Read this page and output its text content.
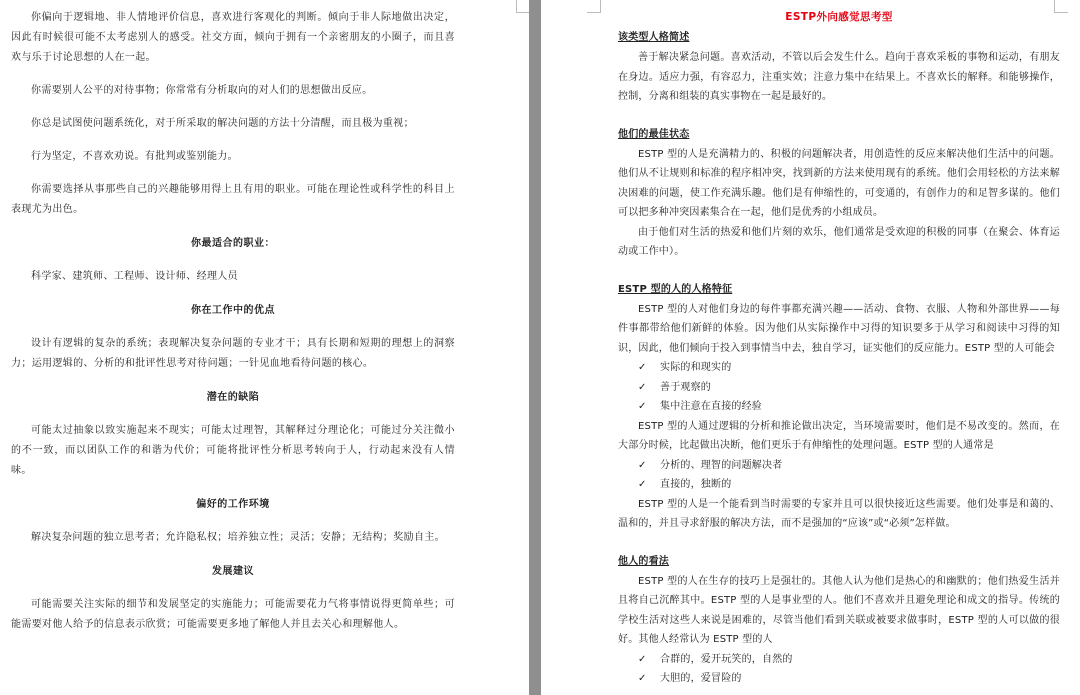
你偏向于逻辑地、非人情地评价信息，喜欢进行客观化的判断。倾向于非人际地做出决定，因此有时候很可能不太考虑别人的感受。社交方面，倾向于拥有一个亲密朋友的小圈子，而且喜欢与乐于讨论思想的人在一起。

你需要别人公平的对待事物；你常常有分析取向的对人们的思想做出反应。

你总是试图使问题系统化，对于所采取的解决问题的方法十分清醒，而且极为重视；

行为坚定，不喜欢劝说。有批判或鉴别能力。

你需要选择从事那些自己的兴趣能够用得上且有用的职业。可能在理论性或科学性的科目上表现尤为出色。

你最适合的职业：

科学家、建筑师、工程师、设计师、经理人员

你在工作中的优点

设计有逻辑的复杂的系统；表现解决复杂问题的专业才干；具有长期和短期的理想上的洞察力；运用逻辑的、分析的和批评性思考对待问题；一针见血地看待问题的核心。

潜在的缺陷

可能太过抽象以致实施起来不现实；可能太过理智，其解释过分理论化；可能过分关注微小的不一致，而以团队工作的和谐为代价；可能将批评性分析思考转向于人，行动起来没有人情味。

偏好的工作环境

解决复杂问题的独立思考者；允许隐私权；培养独立性；灵活；安静；无结构；奖励自主。

发展建议

可能需要关注实际的细节和发展坚定的实施能力；可能需要花力气将事情说得更简单些；可能需要对他人给予的信息表示欣赏；可能需要更多地了解他人并且去关心和理解他人。

ESTP外向感觉思考型
该类型人格简述

善于解决紧急问题。喜欢活动，不管以后会发生什么。趋向于喜欢采板的事物和运动，有朋友在身边。适应力强，有容忍力，注重实效；注意力集中在结果上。不喜欢长的解释。和能够操作，控制，分离和组装的真实事物在一起是最好的。

他们的最佳状态

ESTP 型的人是充满精力的、积极的问题解决者，用创造性的反应来解决他们生活中的问题。他们从不让规则和标准的程序相冲突，找到新的方法来使用现有的系统。他们会用轻松的方法来解决困难的问题，使工作充满乐趣。他们是有伸缩性的，可变通的，有创作力的和足智多谋的。他们可以把多种冲突因素集合在一起，他们是优秀的小组成员。

由于他们对生活的热爱和他们片刻的欢乐，他们通常是受欢迎的积极的同事（在聚会、体育运动或工作中）。

ESTP 型的人的人格特征

ESTP 型的人对他们身边的每件事都充满兴趣——活动、食物、衣服、人物和外部世界——每件事都带给他们新鲜的体验。因为他们从实际操作中习得的知识要多于从学习和阅读中习得的知识，因此，他们倾向于投入到事情当中去，独自学习，证实他们的反应能力。ESTP 型的人可能会

✓ 实际的和现实的
✓ 善于观察的
✓ 集中注意在直接的经验

ESTP 型的人通过逻辑的分析和推论做出决定，当环境需要时，他们是不易改变的。然而，在大部分时候，比起做出决断，他们更乐于有伸缩性的处理问题。ESTP 型的人通常是

✓ 分析的、理智的问题解决者
✓ 直接的，独断的

ESTP 型的人是一个能看到当时需要的专家并且可以很快接近这些需要。他们处事是和蔼的、温和的，并且寻求舒服的解决方法，而不是强加的“应该”或“必须”怎样做。

他人的看法

ESTP 型的人在生存的技巧上是强壮的。其他人认为他们是热心的和幽默的；他们热爱生活并且将自己沉醉其中。ESTP 型的人是事业型的人。他们不喜欢并且避免理论和成文的指导。传统的学校生活对这些人来说是困难的，尽管当他们看到关联或被要求做事时，ESTP 型的人可以做的很好。其他人经常认为 ESTP 型的人

✓ 合群的，爱开玩笑的，自然的
✓ 大胆的，爱冒险的
